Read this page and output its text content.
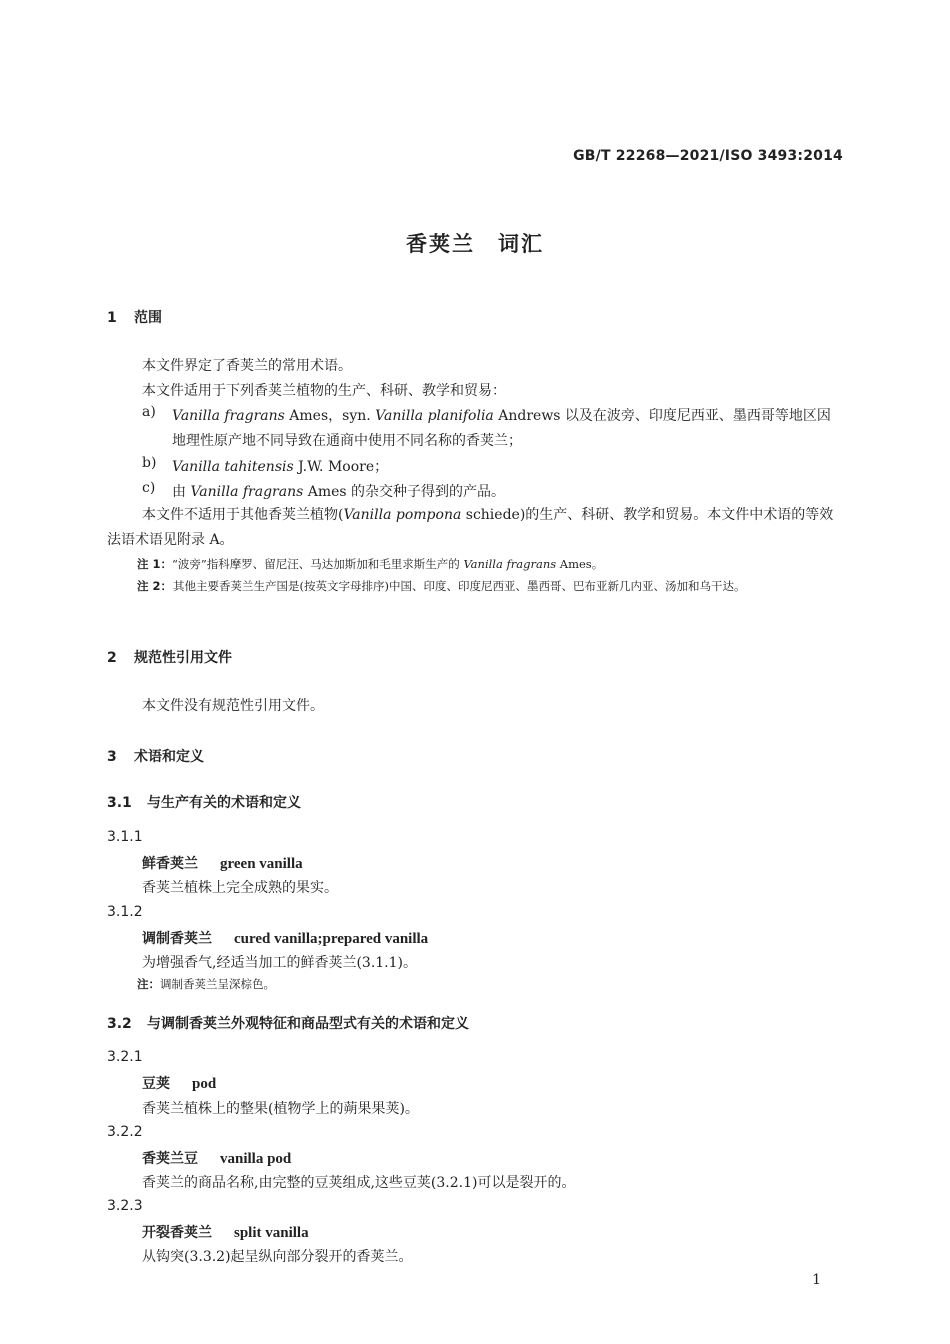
GB/T 22268—2021/ISO 3493:2014
香荚兰　词汇
1 范围
本文件界定了香荚兰的常用术语。
本文件适用于下列香荚兰植物的生产、科研、教学和贸易：
a) Vanilla fragrans Ames，syn. Vanilla planifolia Andrews 以及在波旁、印度尼西亚、墨西哥等地区因地理性原产地不同导致在通商中使用不同名称的香荚兰；
b) Vanilla tahitensis J.W. Moore；
c) 由 Vanilla fragrans Ames 的杂交种子得到的产品。
本文件不适用于其他香荚兰植物(Vanilla pompona schiede)的生产、科研、教学和贸易。本文件中术语的等效法语术语见附录 A。
注 1：“波旁”指科摩罗、留尼汪、马达加斯加和毛里求斯生产的 Vanilla fragrans Ames。
注 2： 其他主要香荚兰生产国是(按英文字母排序)中国、印度、印度尼西亚、墨西哥、巴布亚新几内亚、汤加和乌干达。
2 规范性引用文件
本文件没有规范性引用文件。
3 术语和定义
3.1 与生产有关的术语和定义
3.1.1
鲜香荚兰 green vanilla
香荚兰植株上完全成熟的果实。
3.1.2
调制香荚兰 cured vanilla;prepared vanilla
为增强香气,经适当加工的鲜香荚兰(3.1.1)。
注：调制香荚兰呈深棕色。
3.2 与调制香荚兰外观特征和商品型式有关的术语和定义
3.2.1
豆荚 pod
香荚兰植株上的整果(植物学上的蒴果果荚)。
3.2.2
香荚兰豆 vanilla pod
香荚兰的商品名称,由完整的豆荚组成,这些豆荚(3.2.1)可以是裂开的。
3.2.3
开裂香荚兰 split vanilla
从钩突(3.3.2)起呈纵向部分裂开的香荚兰。
1
